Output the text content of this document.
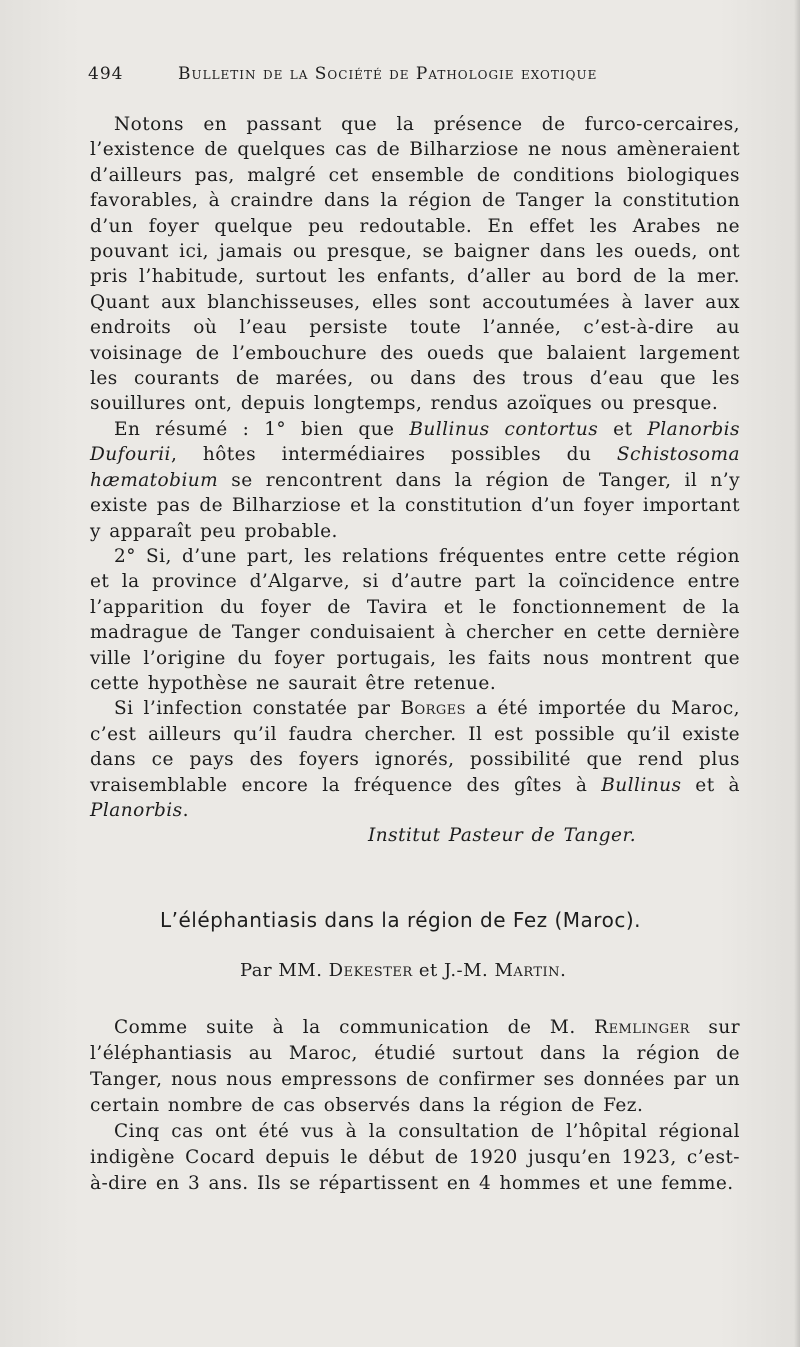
494	Bulletin de la Société de Pathologie exotique

Notons en passant que la présence de furco-cercaires, l’existence de quelques cas de Bilharziose ne nous amèneraient d’ailleurs pas, malgré cet ensemble de conditions biologiques favorables, à craindre dans la région de Tanger la constitution d’un foyer quelque peu redoutable. En effet les Arabes ne pouvant ici, jamais ou presque, se baigner dans les oueds, ont pris l’habitude, surtout les enfants, d’aller au bord de la mer. Quant aux blanchisseuses, elles sont accoutumées à laver aux endroits où l’eau persiste toute l’année, c’est-à-dire au voisinage de l’embouchure des oueds que balaient largement les courants de marées, ou dans des trous d’eau que les souillures ont, depuis longtemps, rendus azoïques ou presque.

En résumé : 1° bien que Bullinus contortus et Planorbis Dufourii, hôtes intermédiaires possibles du Schistosoma hæmatobium se rencontrent dans la région de Tanger, il n’y existe pas de Bilharziose et la constitution d’un foyer important y apparaît peu probable.

2° Si, d’une part, les relations fréquentes entre cette région et la province d’Algarve, si d’autre part la coïncidence entre l’apparition du foyer de Tavira et le fonctionnement de la madrague de Tanger conduisaient à chercher en cette dernière ville l’origine du foyer portugais, les faits nous montrent que cette hypothèse ne saurait être retenue.

Si l’infection constatée par Borges a été importée du Maroc, c’est ailleurs qu’il faudra chercher. Il est possible qu’il existe dans ce pays des foyers ignorés, possibilité que rend plus vraisemblable encore la fréquence des gîtes à Bullinus et à Planorbis.

Institut Pasteur de Tanger.

L’éléphantiasis dans la région de Fez (Maroc).
Par MM. Dekester et J.-M. Martin.

Comme suite à la communication de M. Remlinger sur l’éléphantiasis au Maroc, étudié surtout dans la région de Tanger, nous nous empressons de confirmer ses données par un certain nombre de cas observés dans la région de Fez.

Cinq cas ont été vus à la consultation de l’hôpital régional indigène Cocard depuis le début de 1920 jusqu’en 1923, c’est-à-dire en 3 ans. Ils se répartissent en 4 hommes et une femme.
